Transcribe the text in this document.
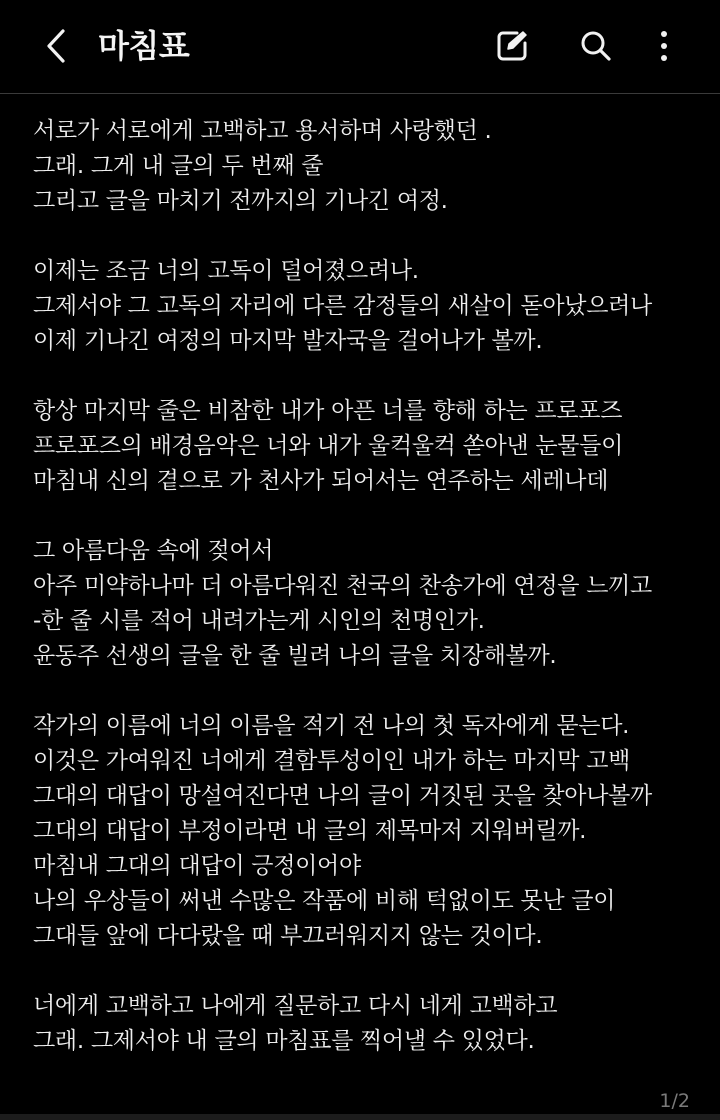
마침표
서로가 서로에게 고백하고 용서하며 사랑했던 .
그래. 그게 내 글의 두 번째 줄
그리고 글을 마치기 전까지의 기나긴 여정.
이제는 조금 너의 고독이 덜어졌으려나.
그제서야 그 고독의 자리에 다른 감정들의 새살이 돋아났으려나
이제 기나긴 여정의 마지막 발자국을 걸어나가 볼까.
항상 마지막 줄은 비참한 내가 아픈 너를 향해 하는 프로포즈
프로포즈의 배경음악은 너와 내가 울컥울컥 쏟아낸 눈물들이
마침내 신의 곁으로 가 천사가 되어서는 연주하는 세레나데
그 아름다움 속에 젖어서
아주 미약하나마 더 아름다워진 천국의 찬송가에 연정을 느끼고
-한 줄 시를 적어 내려가는게 시인의 천명인가.
윤동주 선생의 글을 한 줄 빌려 나의 글을 치장해볼까.
작가의 이름에 너의 이름을 적기 전 나의 첫 독자에게 묻는다.
이것은 가여워진 너에게 결함투성이인 내가 하는 마지막 고백
그대의 대답이 망설여진다면 나의 글이 거짓된 곳을 찾아나볼까
그대의 대답이 부정이라면 내 글의 제목마저 지워버릴까.
마침내 그대의 대답이 긍정이어야
나의 우상들이 써낸 수많은 작품에 비해 턱없이도 못난 글이
그대들 앞에 다다랐을 때 부끄러워지지 않는 것이다.
너에게 고백하고 나에게 질문하고 다시 네게 고백하고
그래. 그제서야 내 글의 마침표를 찍어낼 수 있었다.
1/2
